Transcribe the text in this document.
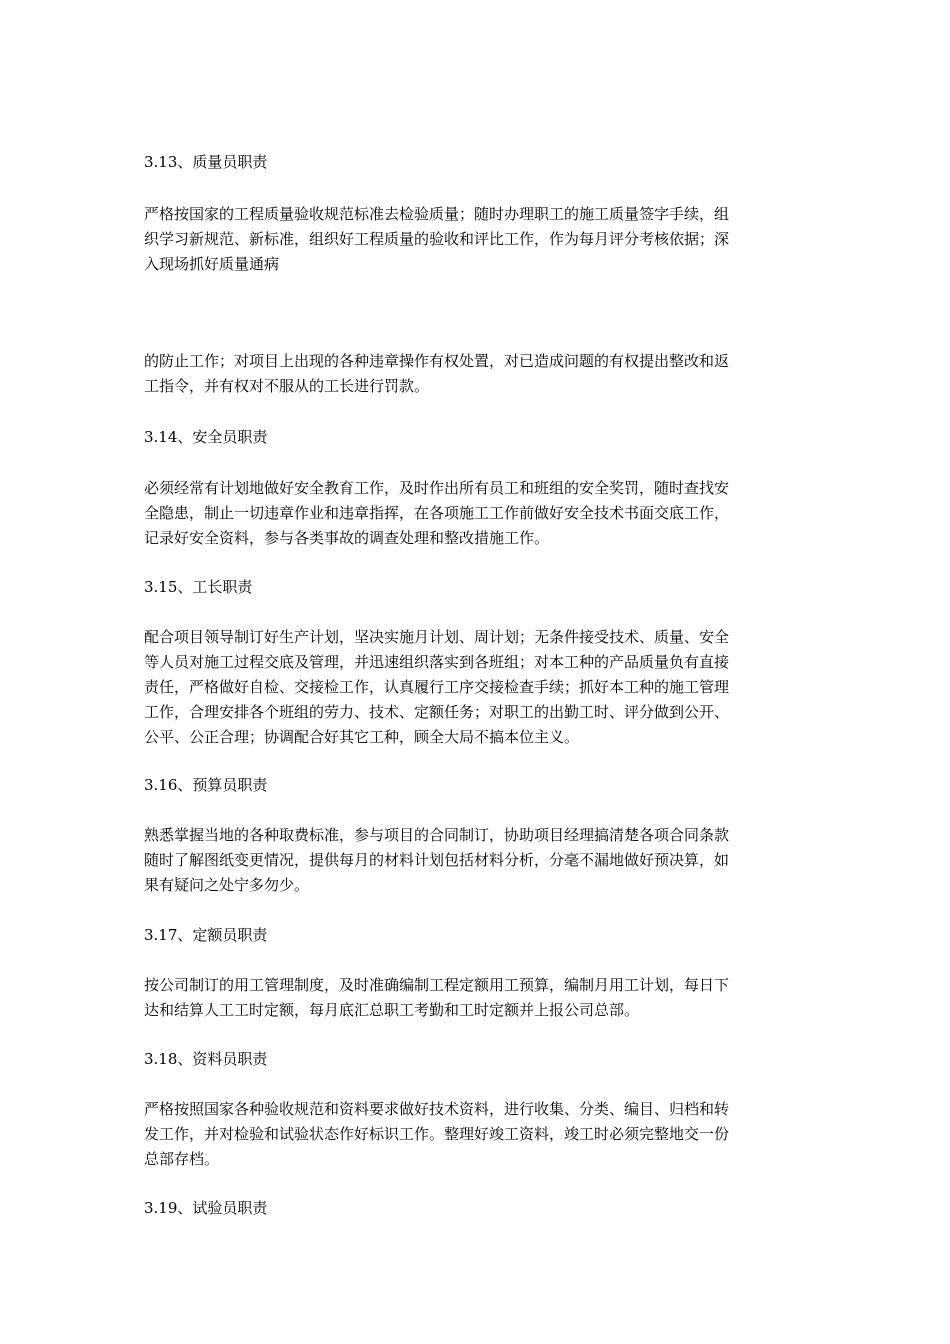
3.13、质量员职责

严格按国家的工程质量验收规范标准去检验质量；随时办理职工的施工质量签字手续，组

织学习新规范、新标准，组织好工程质量的验收和评比工作，作为每月评分考核依据；深

入现场抓好质量通病

的防止工作；对项目上出现的各种违章操作有权处置，对已造成问题的有权提出整改和返

工指令，并有权对不服从的工长进行罚款。

3.14、安全员职责

必须经常有计划地做好安全教育工作，及时作出所有员工和班组的安全奖罚，随时查找安

全隐患，制止一切违章作业和违章指挥，在各项施工工作前做好安全技术书面交底工作，

记录好安全资料，参与各类事故的调查处理和整改措施工作。

3.15、工长职责

配合项目领导制订好生产计划，坚决实施月计划、周计划；无条件接受技术、质量、安全

等人员对施工过程交底及管理，并迅速组织落实到各班组；对本工种的产品质量负有直接

责任，严格做好自检、交接检工作，认真履行工序交接检查手续；抓好本工种的施工管理

工作，合理安排各个班组的劳力、技术、定额任务；对职工的出勤工时、评分做到公开、

公平、公正合理；协调配合好其它工种，顾全大局不搞本位主义。

3.16、预算员职责

熟悉掌握当地的各种取费标准，参与项目的合同制订，协助项目经理搞清楚各项合同条款

随时了解图纸变更情况，提供每月的材料计划包括材料分析，分毫不漏地做好预决算，如

果有疑问之处宁多勿少。

3.17、定额员职责

按公司制订的用工管理制度，及时准确编制工程定额用工预算，编制月用工计划，每日下

达和结算人工工时定额，每月底汇总职工考勤和工时定额并上报公司总部。

3.18、资料员职责

严格按照国家各种验收规范和资料要求做好技术资料，进行收集、分类、编目、归档和转

发工作，并对检验和试验状态作好标识工作。整理好竣工资料，竣工时必须完整地交一份

总部存档。

3.19、试验员职责
